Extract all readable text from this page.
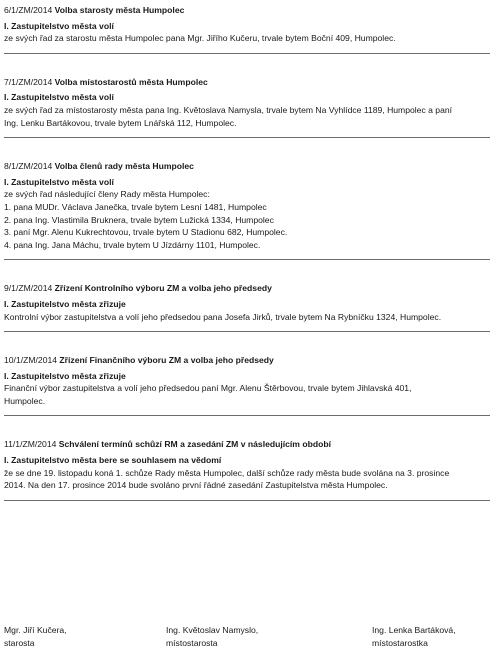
6/1/ZM/2014 Volba starosty města Humpolec
I. Zastupitelstvo města volí
ze svých řad za starostu města Humpolec pana Mgr. Jiřího Kučeru, trvale bytem Boční 409, Humpolec.
7/1/ZM/2014 Volba místostarostů města Humpolec
I. Zastupitelstvo města volí
ze svých řad za místostarosty města pana Ing. Květoslava Namysla, trvale bytem Na Vyhlídce 1189, Humpolec a paní
Ing. Lenku Bartákovou, trvale bytem Lnářská 112, Humpolec.
8/1/ZM/2014 Volba členů rady města Humpolec
I. Zastupitelstvo města volí
ze svých řad následující členy Rady města Humpolec:
1. pana MUDr. Václava Janečka, trvale bytem Lesní 1481, Humpolec
2. pana Ing. Vlastimila Bruknera, trvale bytem Lužická 1334, Humpolec
3. paní Mgr. Alenu Kukrechtovou, trvale bytem U Stadionu 682, Humpolec.
4. pana Ing. Jana Máchu, trvale bytem U Jízdárny 1101, Humpolec.
9/1/ZM/2014 Zřízení Kontrolního výboru ZM a volba jeho předsedy
I. Zastupitelstvo města zřizuje
Kontrolní výbor zastupitelstva a volí jeho předsedou pana Josefa Jirků, trvale bytem Na Rybníčku 1324, Humpolec.
10/1/ZM/2014 Zřízení Finančního výboru ZM a volba jeho předsedy
I. Zastupitelstvo města zřizuje
Finanční výbor zastupitelstva a volí jeho předsedou paní Mgr. Alenu Štěrbovou, trvale bytem Jihlavská 401,
Humpolec.
11/1/ZM/2014 Schválení termínů schůzí RM a zasedání ZM v následujícím období
I. Zastupitelstvo města bere se souhlasem na vědomí
že se dne 19. listopadu koná 1. schůze Rady města Humpolec, další schůze rady města bude svolána na 3. prosince
2014. Na den 17. prosince 2014 bude svoláno první řádné zasedání Zastupitelstva města Humpolec.
Mgr. Jiří Kučera,
starosta
Ing. Květoslav Namyslo,
místostarosta
Ing. Lenka Bartáková,
místostarostka
